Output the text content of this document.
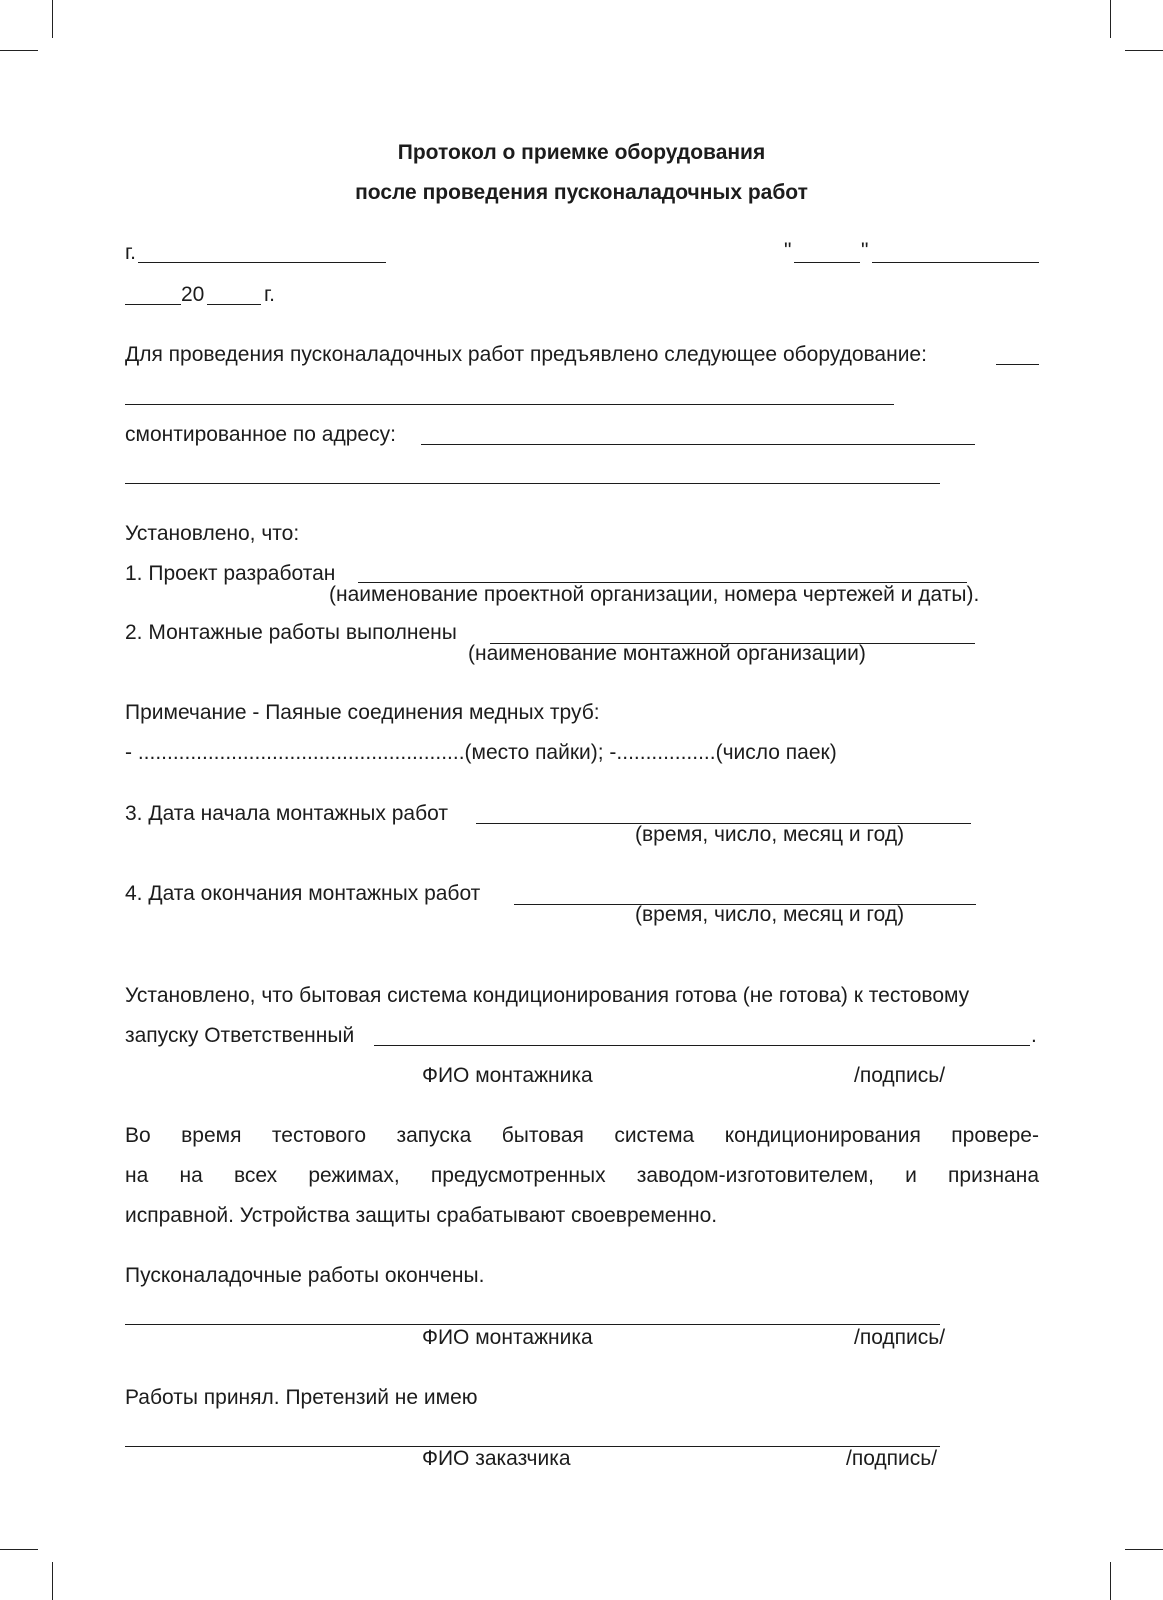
Протокол о приемке оборудования
после проведения пусконаладочных работ
г.	"	"
20	г.
Для проведения пусконаладочных работ предъявлено следующее оборудование:
смонтированное по адресу:
Установлено, что:
1. Проект разработан
(наименование проектной организации, номера чертежей и даты).
2. Монтажные работы выполнены
(наименование монтажной организации)
Примечание - Паяные соединения медных труб:
- ........................................................(место пайки); -.................(число паек)
3. Дата начала монтажных работ
(время, число, месяц и год)
4. Дата окончания монтажных работ
(время, число, месяц и год)
Установлено, что бытовая система кондиционирования готова (не готова) к тестовому
запуску Ответственный	.
ФИО монтажника	/подпись/
Во время тестового запуска бытовая система кондиционирования провере-
на на всех режимах, предусмотренных заводом-изготовителем, и признана
исправной. Устройства защиты срабатывают своевременно.
Пусконаладочные работы окончены.
ФИО монтажника	/подпись/
Работы принял. Претензий не имею
ФИО заказчика	/подпись/
